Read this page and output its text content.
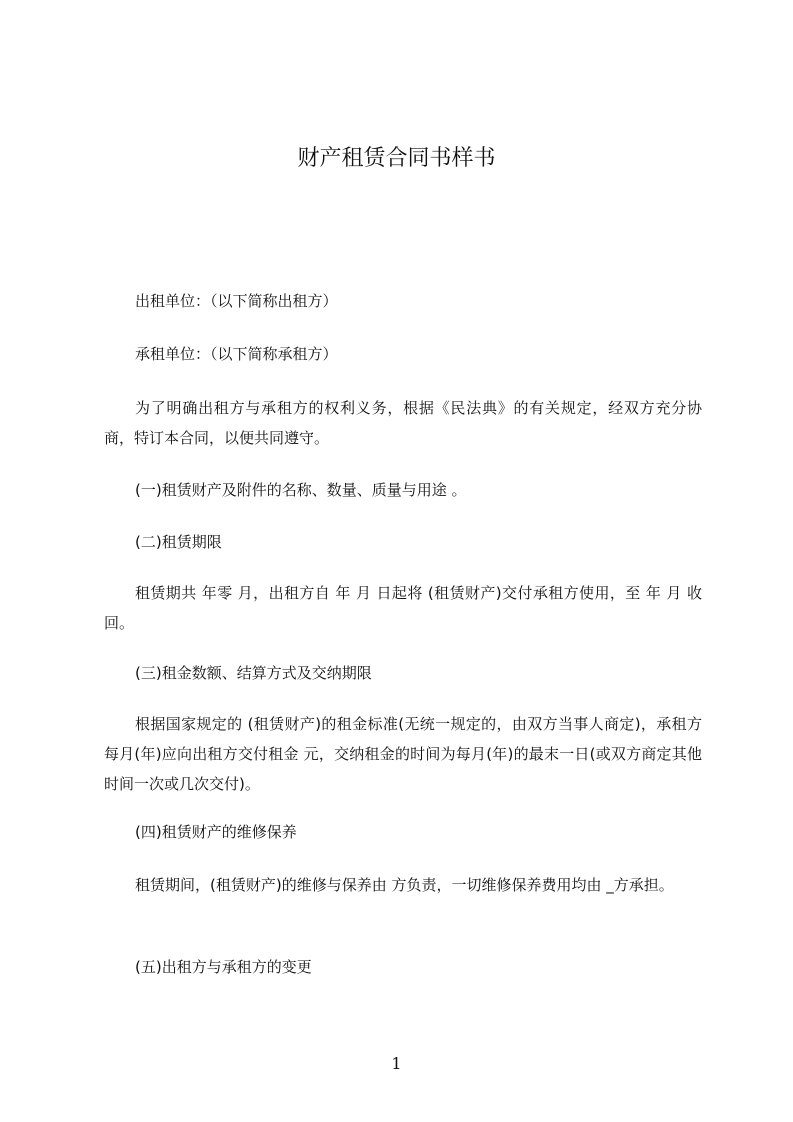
财产租赁合同书样书

出租单位：（以下简称出租方）

承租单位：（以下简称承租方）

为了明确出租方与承租方的权利义务，根据《民法典》的有关规定，经双方充分协商，特订本合同，以便共同遵守。

(一)租赁财产及附件的名称、数量、质量与用途 。

(二)租赁期限

租赁期共 年零 月，出租方自 年 月 日起将 (租赁财产)交付承租方使用，至 年 月 收回。

(三)租金数额、结算方式及交纳期限

根据国家规定的 (租赁财产)的租金标准(无统一规定的，由双方当事人商定)，承租方每月(年)应向出租方交付租金 元，交纳租金的时间为每月(年)的最末一日(或双方商定其他时间一次或几次交付)。

(四)租赁财产的维修保养

租赁期间，(租赁财产)的维修与保养由 方负责，一切维修保养费用均由 _方承担。

(五)出租方与承租方的变更

1
